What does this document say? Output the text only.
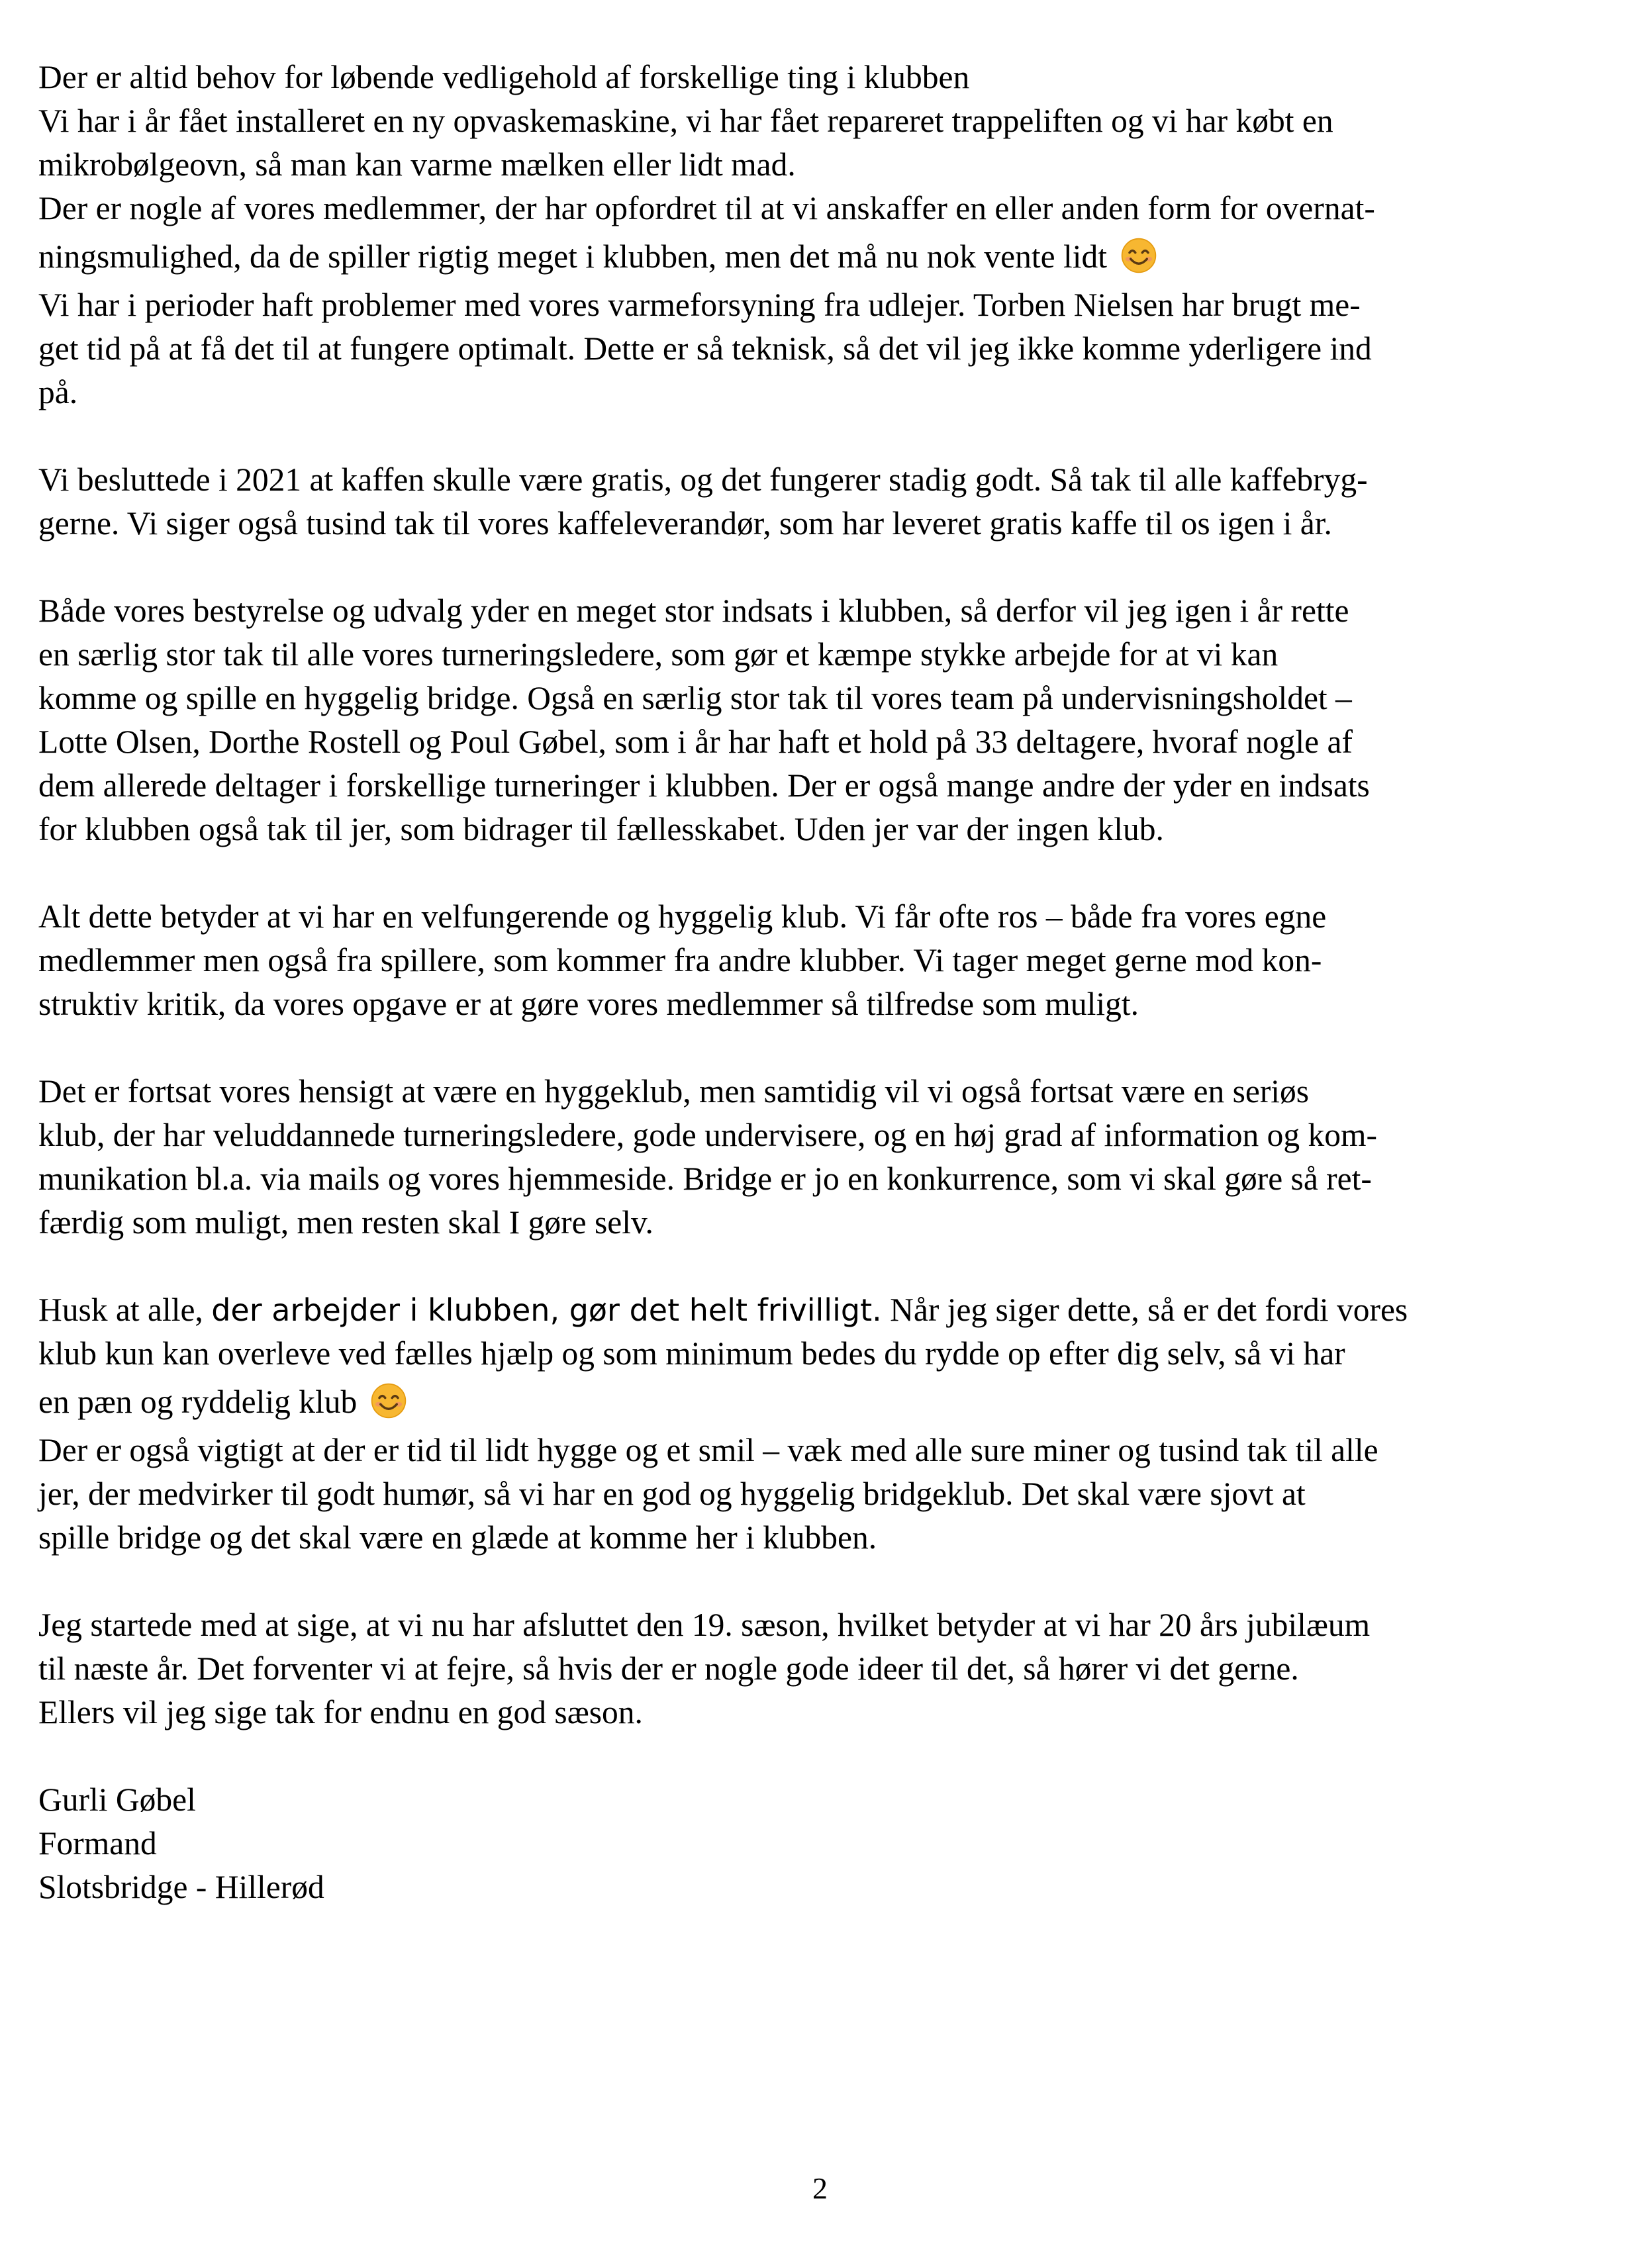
Der er altid behov for løbende vedligehold af forskellige ting i klubben
Vi har i år fået installeret en ny opvaskemaskine, vi har fået repareret trappeliften og vi har købt en
mikrobølgeovn, så man kan varme mælken eller lidt mad.
Der er nogle af vores medlemmer, der har opfordret til at vi anskaffer en eller anden form for overnat-
ningsmulighed, da de spiller rigtig meget i klubben, men det må nu nok vente lidt
Vi har i perioder haft problemer med vores varmeforsyning fra udlejer. Torben Nielsen har brugt me-
get tid på at få det til at fungere optimalt. Dette er så teknisk, så det vil jeg ikke komme yderligere ind
på.
Vi besluttede i 2021 at kaffen skulle være gratis, og det fungerer stadig godt. Så tak til alle kaffebryg-
gerne. Vi siger også tusind tak til vores kaffeleverandør, som har leveret gratis kaffe til os igen i år.
Både vores bestyrelse og udvalg yder en meget stor indsats i klubben, så derfor vil jeg igen i år rette
en særlig stor tak til alle vores turneringsledere, som gør et kæmpe stykke arbejde for at vi kan
komme og spille en hyggelig bridge. Også en særlig stor tak til vores team på undervisningsholdet –
Lotte Olsen, Dorthe Rostell og Poul Gøbel, som i år har haft et hold på 33 deltagere, hvoraf nogle af
dem allerede deltager i forskellige turneringer i klubben. Der er også mange andre der yder en indsats
for klubben også tak til jer, som bidrager til fællesskabet. Uden jer var der ingen klub.
Alt dette betyder at vi har en velfungerende og hyggelig klub. Vi får ofte ros – både fra vores egne
medlemmer men også fra spillere, som kommer fra andre klubber. Vi tager meget gerne mod kon-
struktiv kritik, da vores opgave er at gøre vores medlemmer så tilfredse som muligt.
Det er fortsat vores hensigt at være en hyggeklub, men samtidig vil vi også fortsat være en seriøs
klub, der har veluddannede turneringsledere, gode undervisere, og en høj grad af information og kom-
munikation bl.a. via mails og vores hjemmeside. Bridge er jo en konkurrence, som vi skal gøre så ret-
færdig som muligt, men resten skal I gøre selv.
Husk at alle, der arbejder i klubben, gør det helt frivilligt. Når jeg siger dette, så er det fordi vores
klub kun kan overleve ved fælles hjælp og som minimum bedes du rydde op efter dig selv, så vi har
en pæn og ryddelig klub
Der er også vigtigt at der er tid til lidt hygge og et smil – væk med alle sure miner og tusind tak til alle
jer, der medvirker til godt humør, så vi har en god og hyggelig bridgeklub. Det skal være sjovt at
spille bridge og det skal være en glæde at komme her i klubben.
Jeg startede med at sige, at vi nu har afsluttet den 19. sæson, hvilket betyder at vi har 20 års jubilæum
til næste år. Det forventer vi at fejre, så hvis der er nogle gode ideer til det, så hører vi det gerne.
Ellers vil jeg sige tak for endnu en god sæson.
Gurli Gøbel
Formand
Slotsbridge - Hillerød
2
